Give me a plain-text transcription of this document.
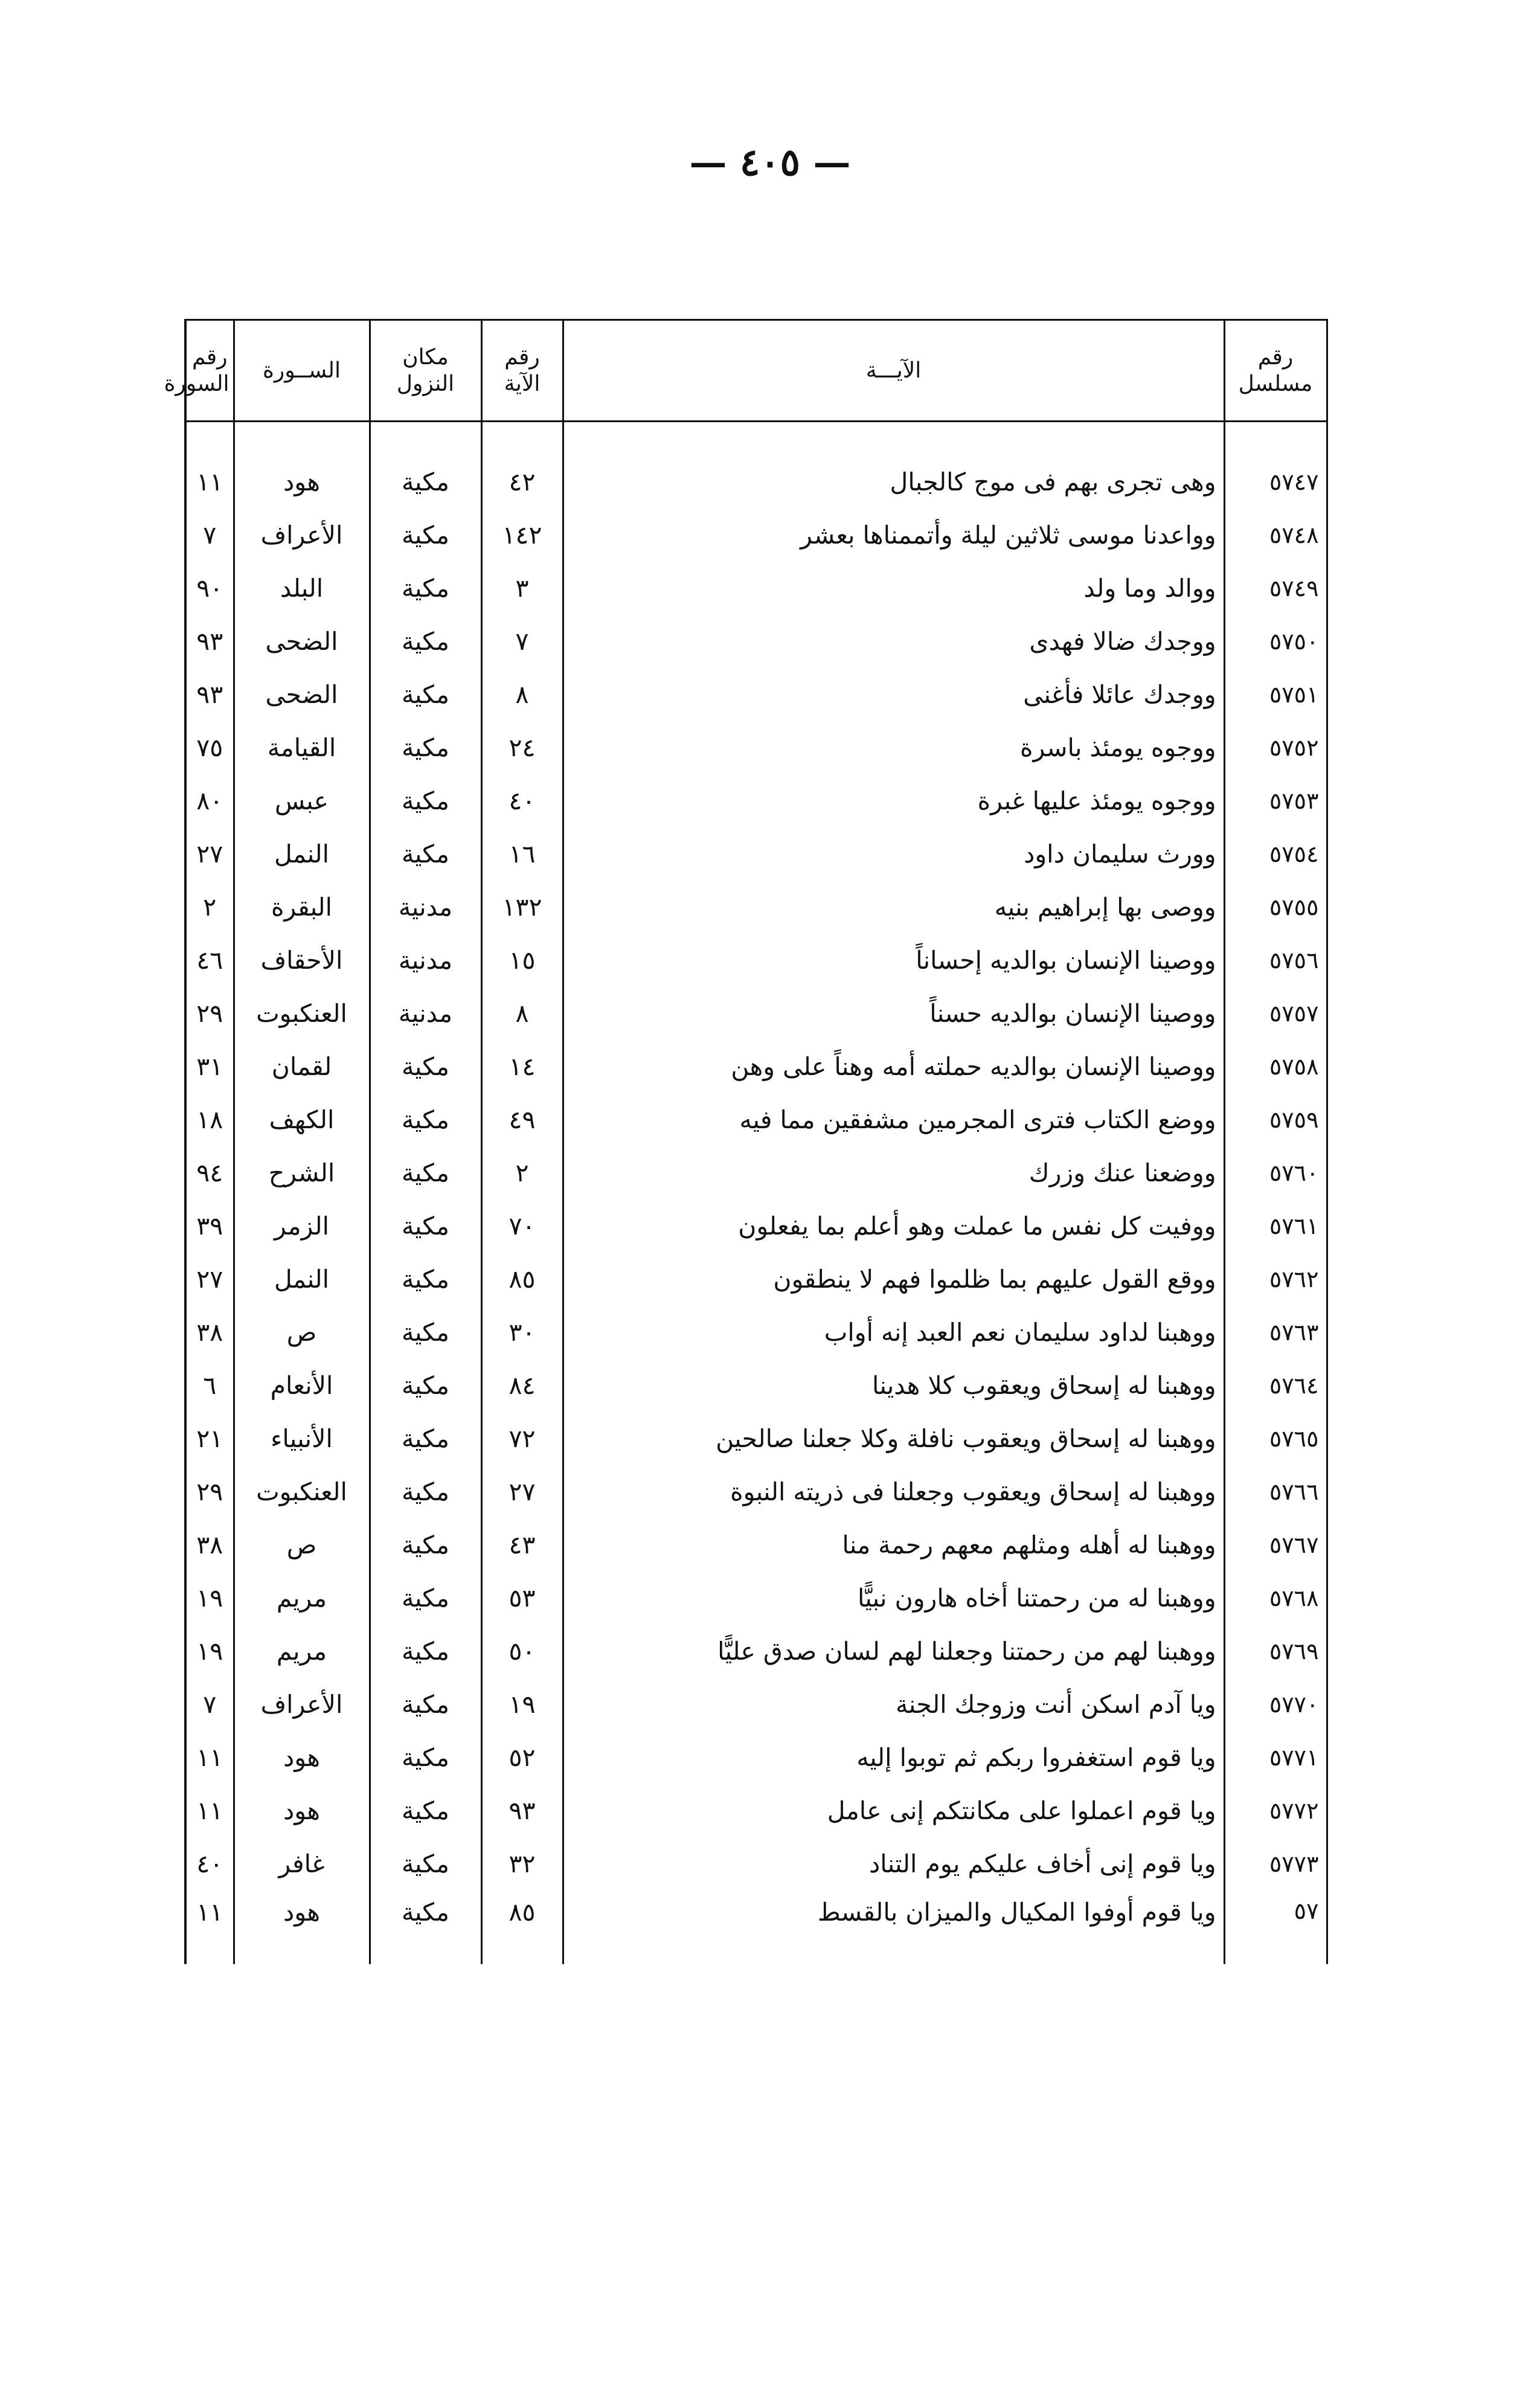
— ٤٠٥ —
رقم مسلسل	الآيـــة	رقم الآية	مكان النزول	الســورة	رقم السورة

٥٧٤٧	وهى تجرى بهم فى موج كالجبال	٤٢	مكية	هود	١١
٥٧٤٨	وواعدنا موسى ثلاثين ليلة وأتممناها بعشر	١٤٢	مكية	الأعراف	٧
٥٧٤٩	ووالد وما ولد	٣	مكية	البلد	٩٠
٥٧٥٠	ووجدك ضالا فهدى	٧	مكية	الضحى	٩٣
٥٧٥١	ووجدك عائلا فأغنى	٨	مكية	الضحى	٩٣
٥٧٥٢	ووجوه يومئذ باسرة	٢٤	مكية	القيامة	٧٥
٥٧٥٣	ووجوه يومئذ عليها غبرة	٤٠	مكية	عبس	٨٠
٥٧٥٤	وورث سليمان داود	١٦	مكية	النمل	٢٧
٥٧٥٥	ووصى بها إبراهيم بنيه	١٣٢	مدنية	البقرة	٢
٥٧٥٦	ووصينا الإنسان بوالديه إحساناً	١٥	مدنية	الأحقاف	٤٦
٥٧٥٧	ووصينا الإنسان بوالديه حسناً	٨	مدنية	العنكبوت	٢٩
٥٧٥٨	ووصينا الإنسان بوالديه حملته أمه وهناً على وهن	١٤	مكية	لقمان	٣١
٥٧٥٩	ووضع الكتاب فترى المجرمين مشفقين مما فيه	٤٩	مكية	الكهف	١٨
٥٧٦٠	ووضعنا عنك وزرك	٢	مكية	الشرح	٩٤
٥٧٦١	ووفيت كل نفس ما عملت وهو أعلم بما يفعلون	٧٠	مكية	الزمر	٣٩
٥٧٦٢	ووقع القول عليهم بما ظلموا فهم لا ينطقون	٨٥	مكية	النمل	٢٧
٥٧٦٣	ووهبنا لداود سليمان نعم العبد إنه أواب	٣٠	مكية	ص	٣٨
٥٧٦٤	ووهبنا له إسحاق ويعقوب كلا هدينا	٨٤	مكية	الأنعام	٦
٥٧٦٥	ووهبنا له إسحاق ويعقوب نافلة وكلا جعلنا صالحين	٧٢	مكية	الأنبياء	٢١
٥٧٦٦	ووهبنا له إسحاق ويعقوب وجعلنا فى ذريته النبوة	٢٧	مكية	العنكبوت	٢٩
٥٧٦٧	ووهبنا له أهله ومثلهم معهم رحمة منا	٤٣	مكية	ص	٣٨
٥٧٦٨	ووهبنا له من رحمتنا أخاه هارون نبيًّا	٥٣	مكية	مريم	١٩
٥٧٦٩	ووهبنا لهم من رحمتنا وجعلنا لهم لسان صدق عليًّا	٥٠	مكية	مريم	١٩
٥٧٧٠	ويا آدم اسكن أنت وزوجك الجنة	١٩	مكية	الأعراف	٧
٥٧٧١	ويا قوم استغفروا ربكم ثم توبوا إليه	٥٢	مكية	هود	١١
٥٧٧٢	ويا قوم اعملوا على مكانتكم إنى عامل	٩٣	مكية	هود	١١
٥٧٧٣	ويا قوم إنى أخاف عليكم يوم التناد	٣٢	مكية	غافر	٤٠
٥٧	ويا قوم أوفوا المكيال والميزان بالقسط	٨٥	مكية	هود	١١
